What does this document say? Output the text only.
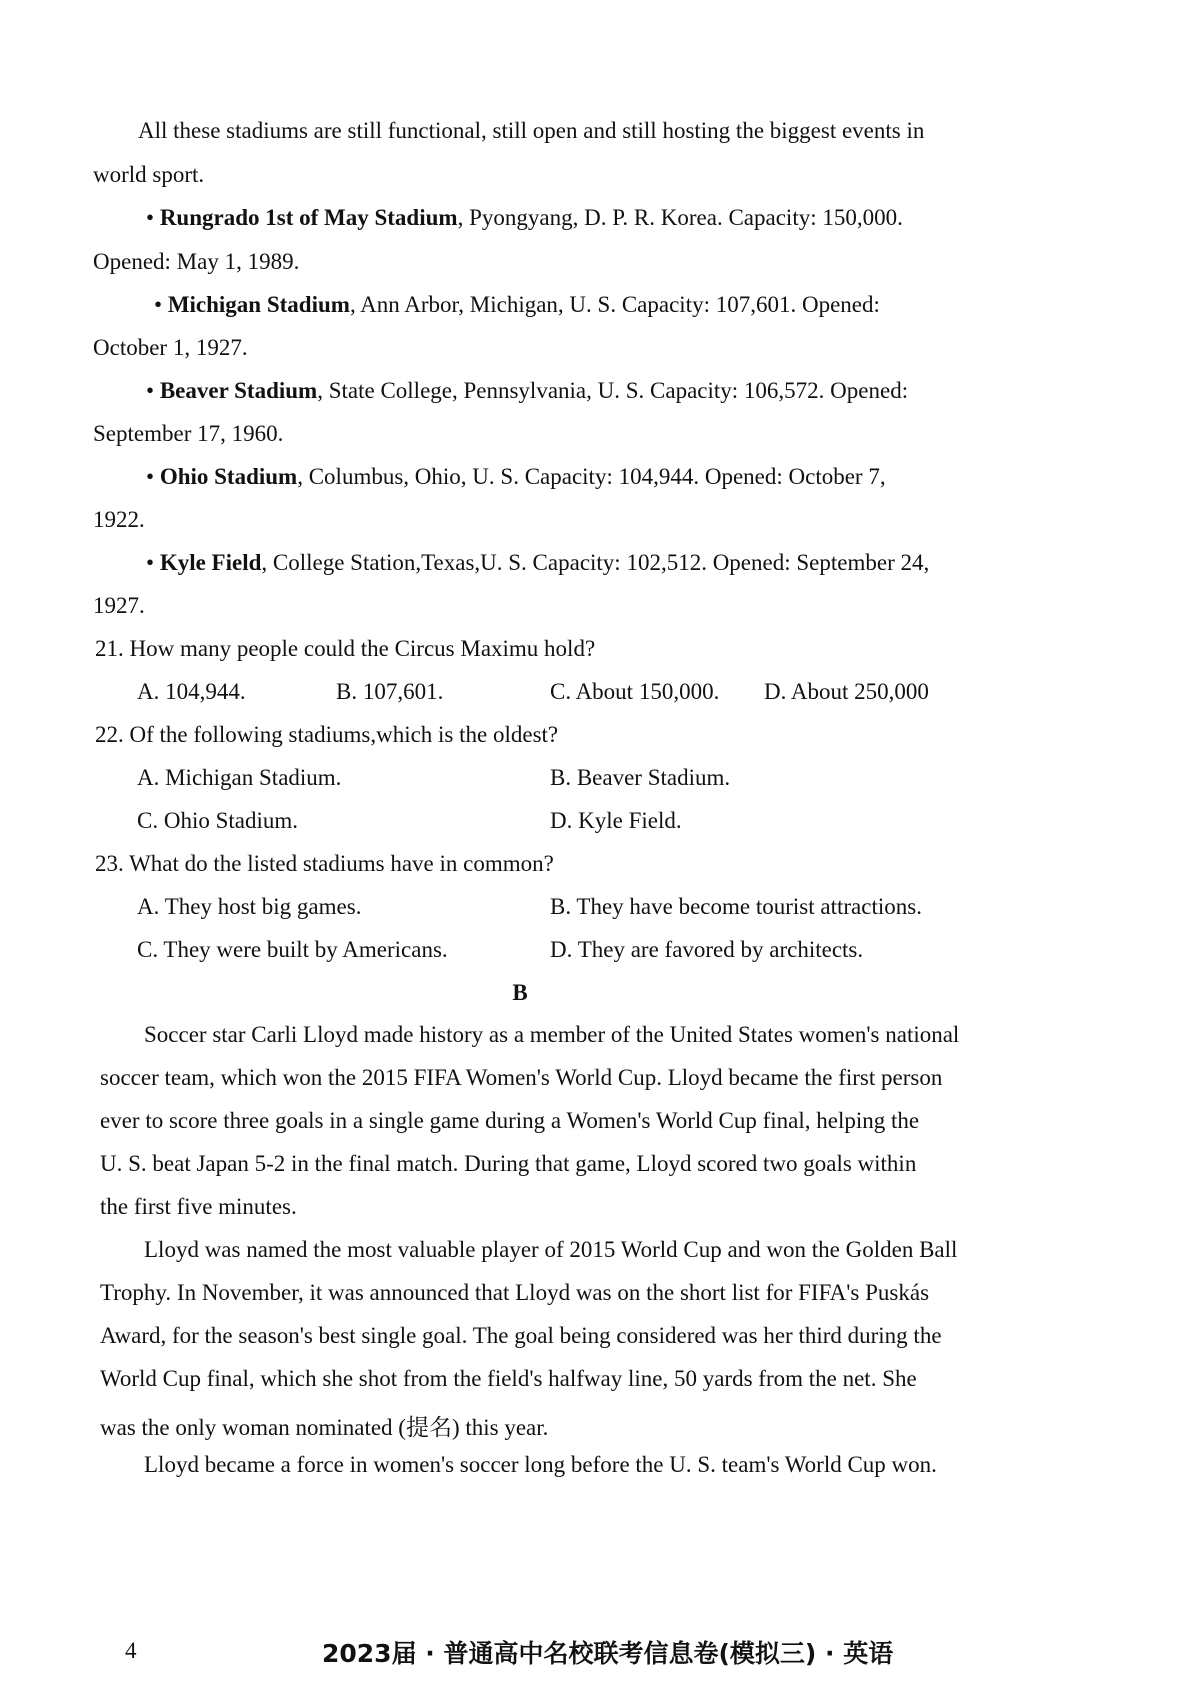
All these stadiums are still functional, still open and still hosting the biggest events in
world sport.
• Rungrado 1st of May Stadium, Pyongyang, D. P. R. Korea. Capacity: 150,000.
Opened: May 1, 1989.
• Michigan Stadium, Ann Arbor, Michigan, U. S. Capacity: 107,601. Opened:
October 1, 1927.
• Beaver Stadium, State College, Pennsylvania, U. S. Capacity: 106,572. Opened:
September 17, 1960.
• Ohio Stadium, Columbus, Ohio, U. S. Capacity: 104,944. Opened: October 7,
1922.
• Kyle Field, College Station,Texas,U. S. Capacity: 102,512. Opened: September 24,
1927.
21. How many people could the Circus Maximu hold?
A. 104,944.	B. 107,601.	C. About 150,000. D. About 250,000
22. Of the following stadiums,which is the oldest?
A. Michigan Stadium.	B. Beaver Stadium.
C. Ohio Stadium.	D. Kyle Field.
23. What do the listed stadiums have in common?
A. They host big games.	B. They have become tourist attractions.
C. They were built by Americans.	D. They are favored by architects.
B
Soccer star Carli Lloyd made history as a member of the United States women's national
soccer team, which won the 2015 FIFA Women's World Cup. Lloyd became the first person
ever to score three goals in a single game during a Women's World Cup final, helping the
U. S. beat Japan 5-2 in the final match. During that game, Lloyd scored two goals within
the first five minutes.
Lloyd was named the most valuable player of 2015 World Cup and won the Golden Ball
Trophy. In November, it was announced that Lloyd was on the short list for FIFA's Puskás
Award, for the season's best single goal. The goal being considered was her third during the
World Cup final, which she shot from the field's halfway line, 50 yards from the net. She
was the only woman nominated (提名) this year.
Lloyd became a force in women's soccer long before the U. S. team's World Cup won.
4	2023届 · 普通高中名校联考信息卷(模拟三) · 英语
